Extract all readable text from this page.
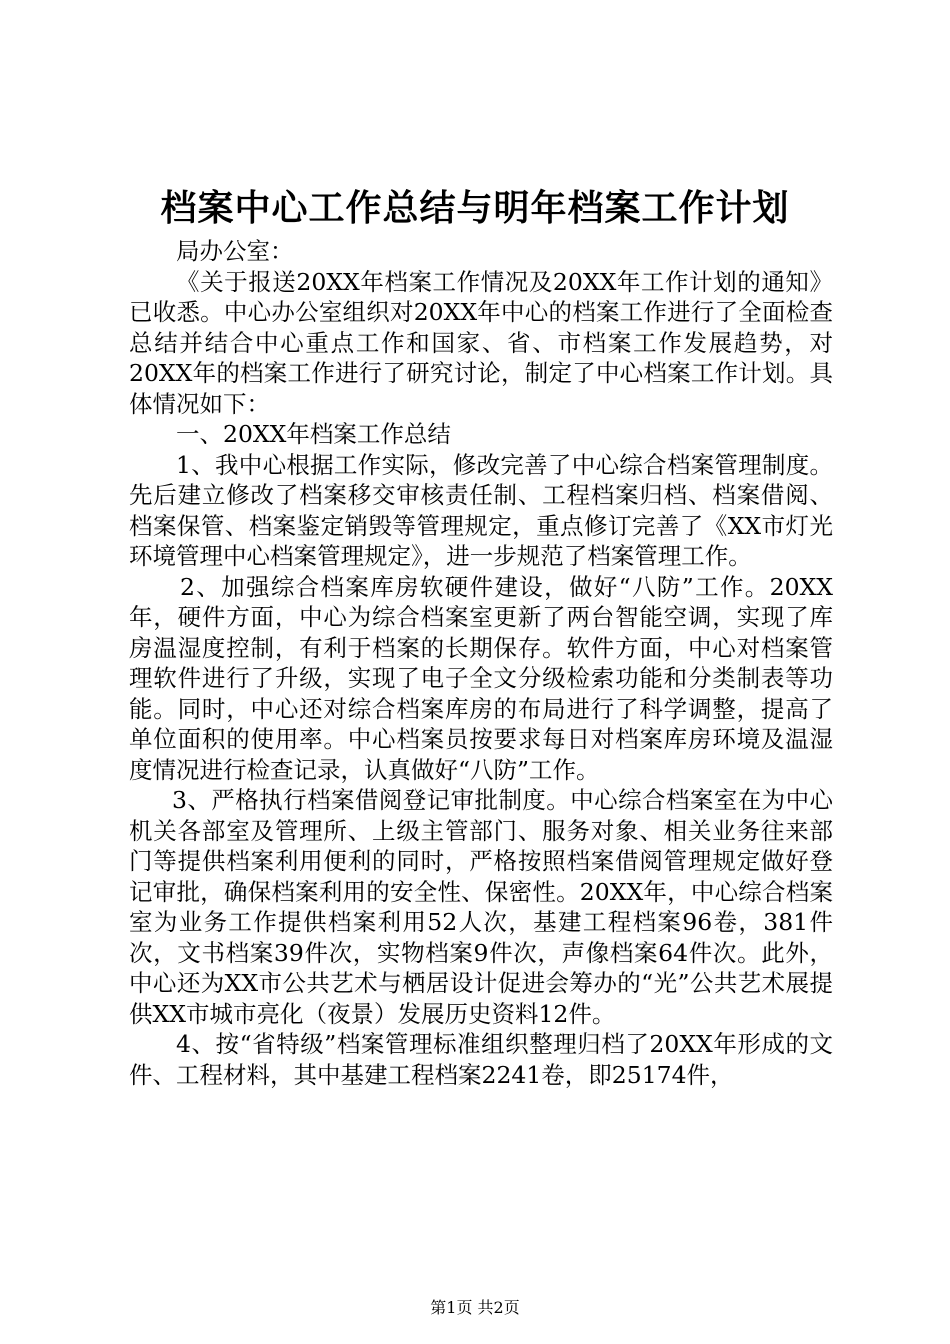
档案中心工作总结与明年档案工作计划

局办公室：

《关于报送20XX年档案工作情况及20XX年工作计划的通知》已收悉。中心办公室组织对20XX年中心的档案工作进行了全面检查总结并结合中心重点工作和国家、省、市档案工作发展趋势，对20XX年的档案工作进行了研究讨论，制定了中心档案工作计划。具体情况如下：

一、20XX年档案工作总结

1、我中心根据工作实际，修改完善了中心综合档案管理制度。先后建立修改了档案移交审核责任制、工程档案归档、档案借阅、档案保管、档案鉴定销毁等管理规定，重点修订完善了《XX市灯光环境管理中心档案管理规定》，进一步规范了档案管理工作。

2、加强综合档案库房软硬件建设，做好“八防”工作。20XX年，硬件方面，中心为综合档案室更新了两台智能空调，实现了库房温湿度控制，有利于档案的长期保存。软件方面，中心对档案管理软件进行了升级，实现了电子全文分级检索功能和分类制表等功能。同时，中心还对综合档案库房的布局进行了科学调整，提高了单位面积的使用率。中心档案员按要求每日对档案库房环境及温湿度情况进行检查记录，认真做好“八防”工作。

3、严格执行档案借阅登记审批制度。中心综合档案室在为中心机关各部室及管理所、上级主管部门、服务对象、相关业务往来部门等提供档案利用便利的同时，严格按照档案借阅管理规定做好登记审批，确保档案利用的安全性、保密性。20XX年，中心综合档案室为业务工作提供档案利用52人次，基建工程档案96卷，381件次，文书档案39件次，实物档案9件次，声像档案64件次。此外，中心还为XX市公共艺术与栖居设计促进会筹办的“光”公共艺术展提供XX市城市亮化（夜景）发展历史资料12件。

4、按“省特级”档案管理标准组织整理归档了20XX年形成的文件、工程材料，其中基建工程档案2241卷，即25174件，

第1页 共2页
